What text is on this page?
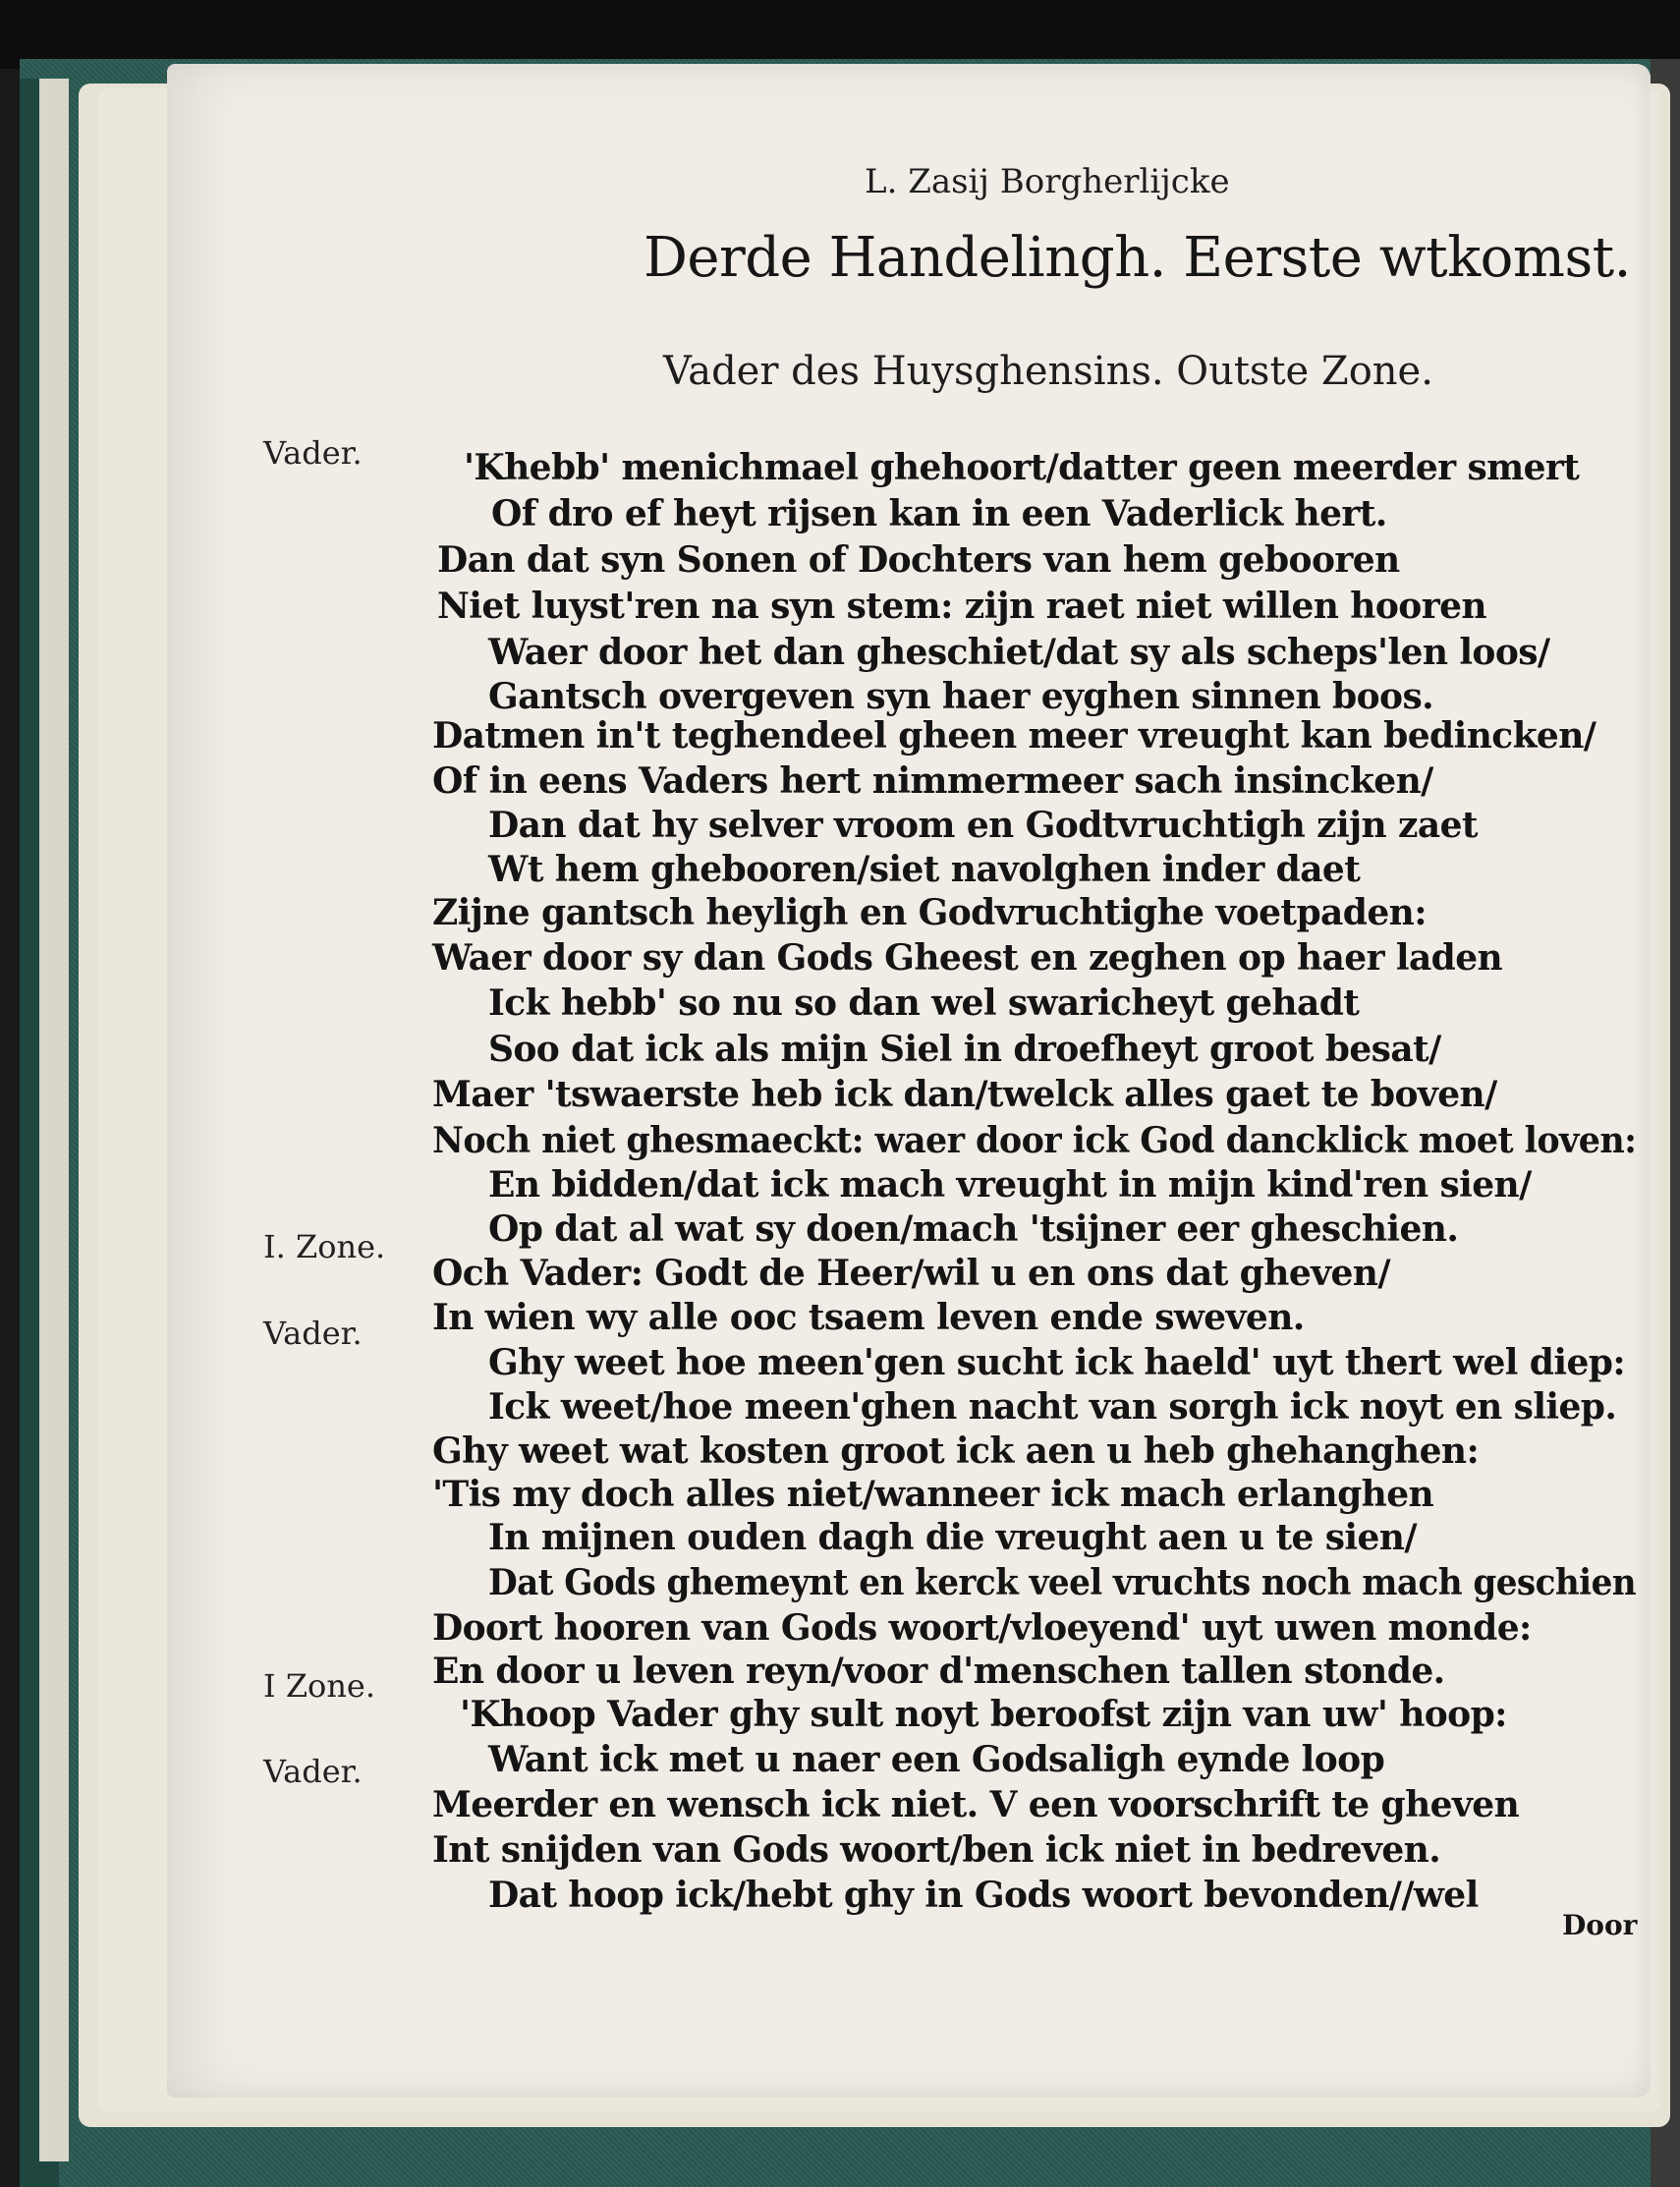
L. Zasij Borgherlijcke
Derde Handelingh. Eerste wtkomst.
Vader des Huysghensins. Outste Zone.
Vader.
I. Zone.
Vader.
I Zone.
Vader.
'Khebb' menichmael ghehoort/datter geen meerder smert
Of dro ef heyt rijsen kan in een Vaderlick hert.
Dan dat syn Sonen of Dochters van hem gebooren
Niet luyst'ren na syn stem: zijn raet niet willen hooren
Waer door het dan gheschiet/dat sy als scheps'len loos/
Gantsch overgeven syn haer eyghen sinnen boos.
Datmen in't teghendeel gheen meer vreught kan bedincken/
Of in eens Vaders hert nimmermeer sach insincken/
Dan dat hy selver vroom en Godtvruchtigh zijn zaet
Wt hem ghebooren/siet navolghen inder daet
Zijne gantsch heyligh en Godvruchtighe voetpaden:
Waer door sy dan Gods Gheest en zeghen op haer laden
Ick hebb' so nu so dan wel swaricheyt gehadt
Soo dat ick als mijn Siel in droefheyt groot besat/
Maer 'tswaerste heb ick dan/twelck alles gaet te boven/
Noch niet ghesmaeckt: waer door ick God dancklick moet loven:
En bidden/dat ick mach vreught in mijn kind'ren sien/
Op dat al wat sy doen/mach 'tsijner eer gheschien.
Och Vader: Godt de Heer/wil u en ons dat gheven/
In wien wy alle ooc tsaem leven ende sweven.
Ghy weet hoe meen'gen sucht ick haeld' uyt thert wel diep:
Ick weet/hoe meen'ghen nacht van sorgh ick noyt en sliep.
Ghy weet wat kosten groot ick aen u heb ghehanghen:
'Tis my doch alles niet/wanneer ick mach erlanghen
In mijnen ouden dagh die vreught aen u te sien/
Dat Gods ghemeynt en kerck veel vruchts noch mach geschien
Doort hooren van Gods woort/vloeyend' uyt uwen monde:
En door u leven reyn/voor d'menschen tallen stonde.
'Khoop Vader ghy sult noyt beroofst zijn van uw' hoop:
Want ick met u naer een Godsaligh eynde loop
Meerder en wensch ick niet. V een voorschrift te gheven
Int snijden van Gods woort/ben ick niet in bedreven.
Dat hoop ick/hebt ghy in Gods woort bevonden//wel
Door
